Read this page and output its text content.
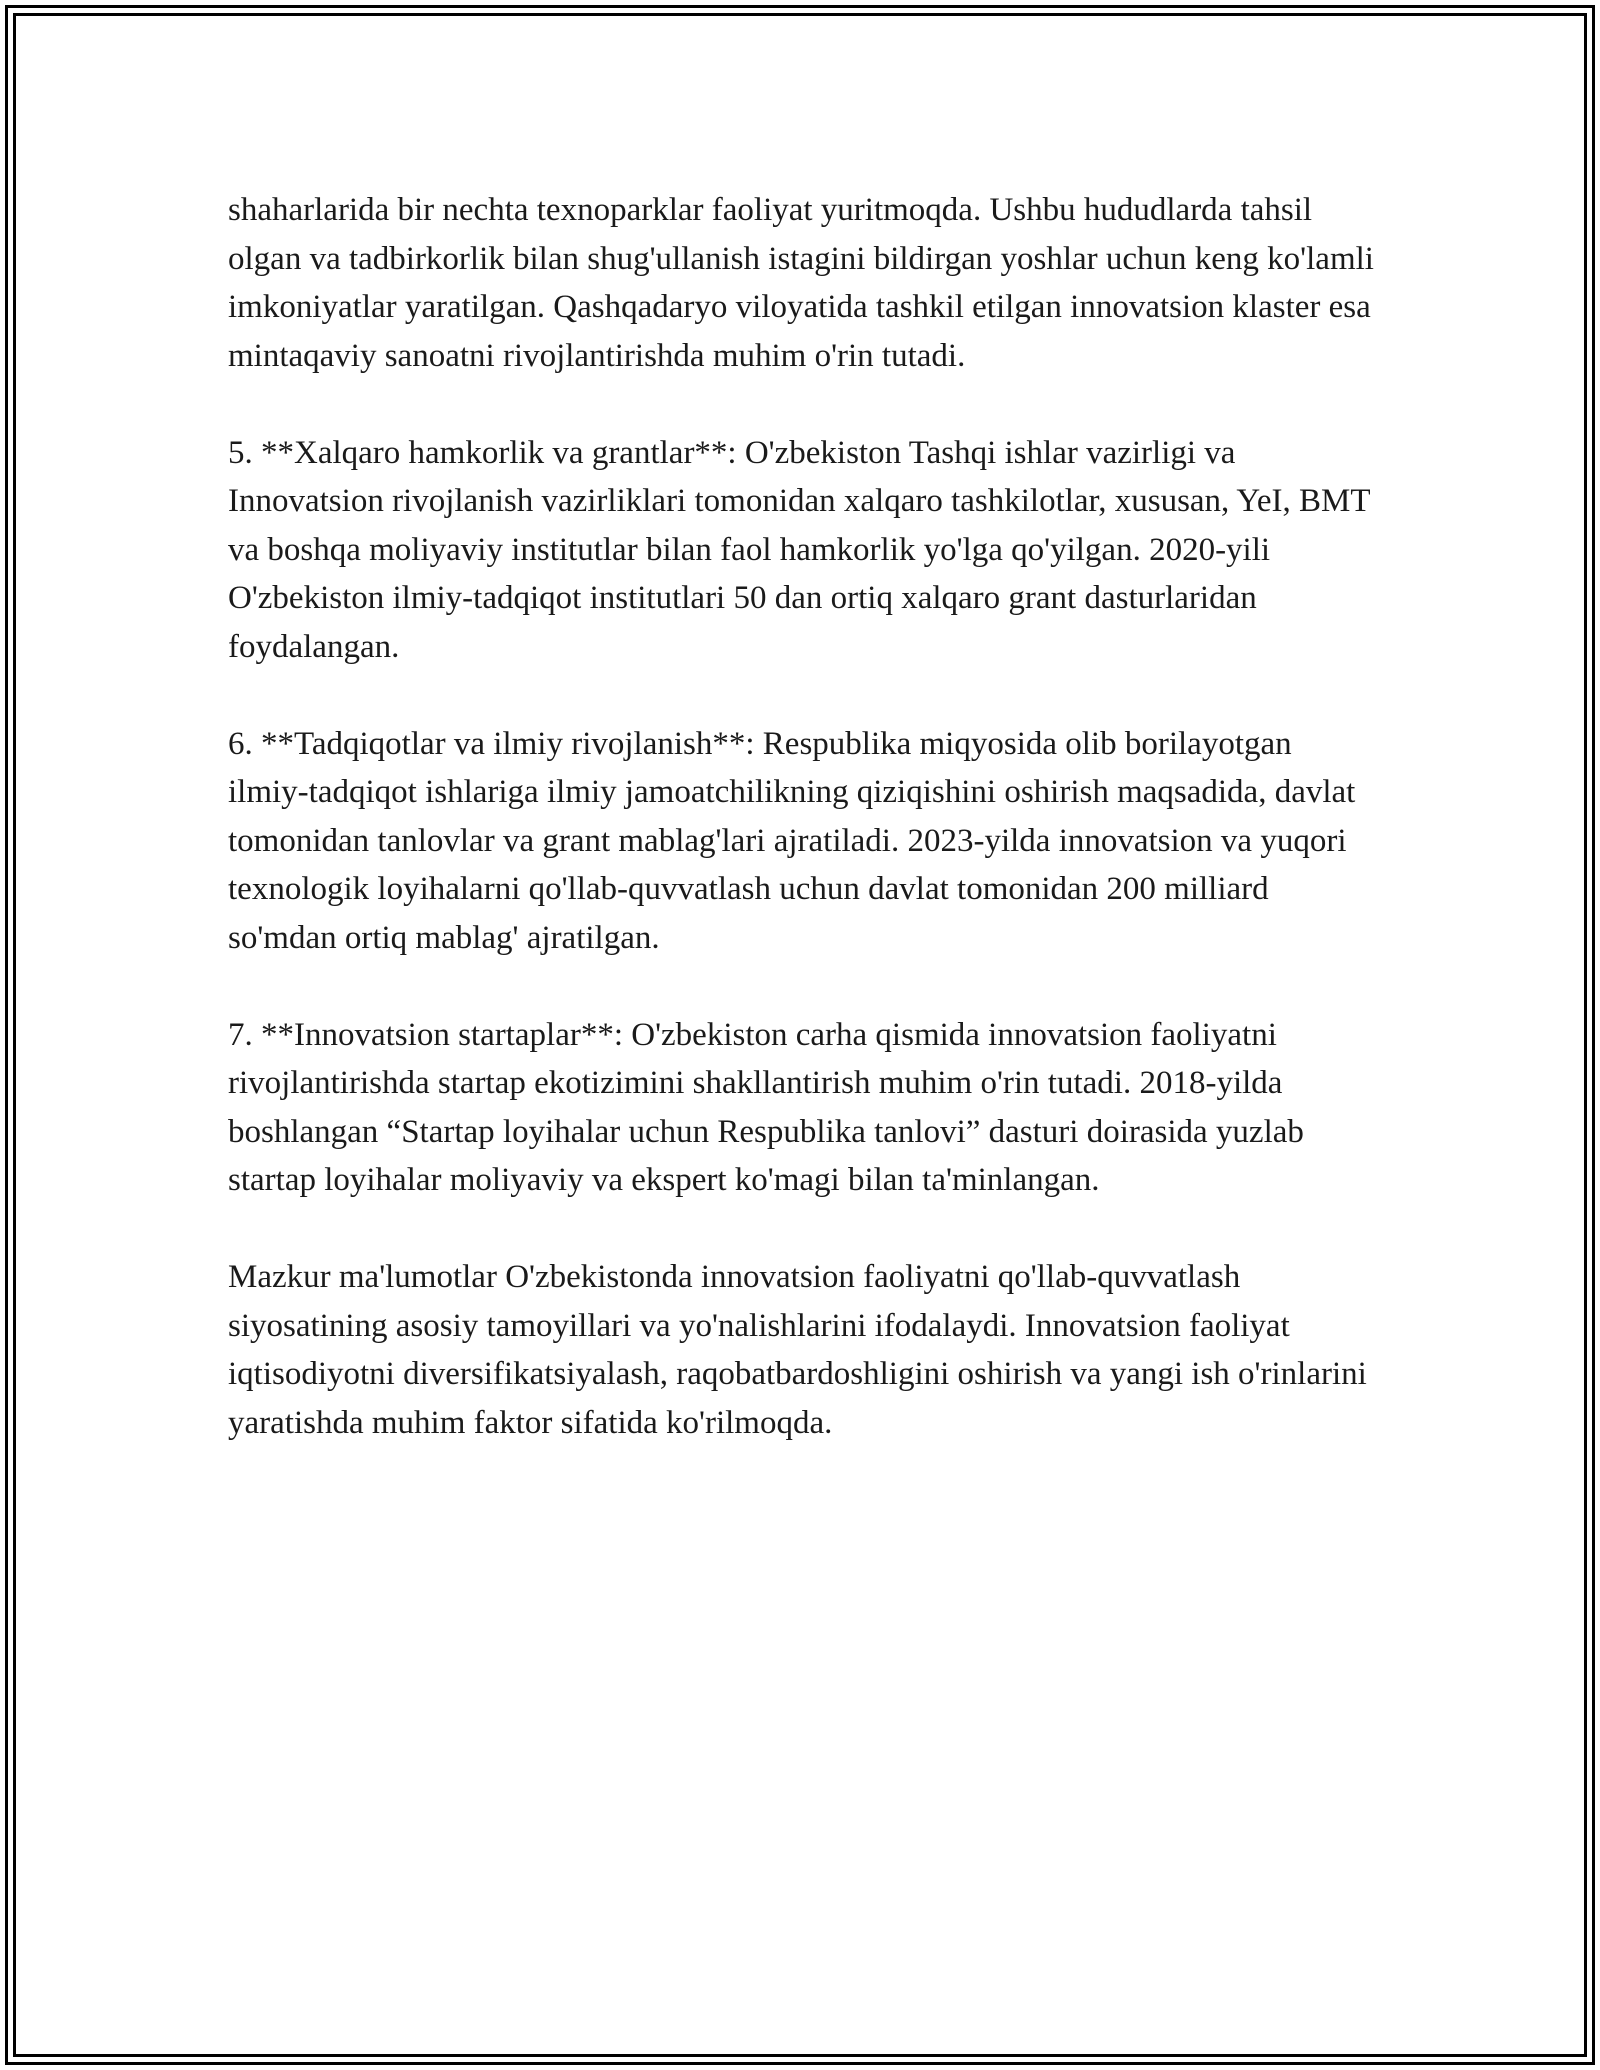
shaharlarida bir nechta texnoparklar faoliyat yuritmoqda. Ushbu hududlarda tahsil olgan va tadbirkorlik bilan shug'ullanish istagini bildirgan yoshlar uchun keng ko'lamli imkoniyatlar yaratilgan. Qashqadaryo viloyatida tashkil etilgan innovatsion klaster esa mintaqaviy sanoatni rivojlantirishda muhim o'rin tutadi.

5. **Xalqaro hamkorlik va grantlar**: O'zbekiston Tashqi ishlar vazirligi va Innovatsion rivojlanish vazirliklari tomonidan xalqaro tashkilotlar, xususan, YeI, BMT va boshqa moliyaviy institutlar bilan faol hamkorlik yo'lga qo'yilgan. 2020-yili O'zbekiston ilmiy-tadqiqot institutlari 50 dan ortiq xalqaro grant dasturlaridan foydalangan.

6. **Tadqiqotlar va ilmiy rivojlanish**: Respublika miqyosida olib borilayotgan ilmiy-tadqiqot ishlariga ilmiy jamoatchilikning qiziqishini oshirish maqsadida, davlat tomonidan tanlovlar va grant mablag'lari ajratiladi. 2023-yilda innovatsion va yuqori texnologik loyihalarni qo'llab-quvvatlash uchun davlat tomonidan 200 milliard so'mdan ortiq mablag' ajratilgan.

7. **Innovatsion startaplar**: O'zbekiston carha qismida innovatsion faoliyatni rivojlantirishda startap ekotizimini shakllantirish muhim o'rin tutadi. 2018-yilda boshlangan “Startap loyihalar uchun Respublika tanlovi” dasturi doirasida yuzlab startap loyihalar moliyaviy va ekspert ko'magi bilan ta'minlangan.

Mazkur ma'lumotlar O'zbekistonda innovatsion faoliyatni qo'llab-quvvatlash siyosatining asosiy tamoyillari va yo'nalishlarini ifodalaydi. Innovatsion faoliyat iqtisodiyotni diversifikatsiyalash, raqobatbardoshligini oshirish va yangi ish o'rinlarini yaratishda muhim faktor sifatida ko'rilmoqda.
